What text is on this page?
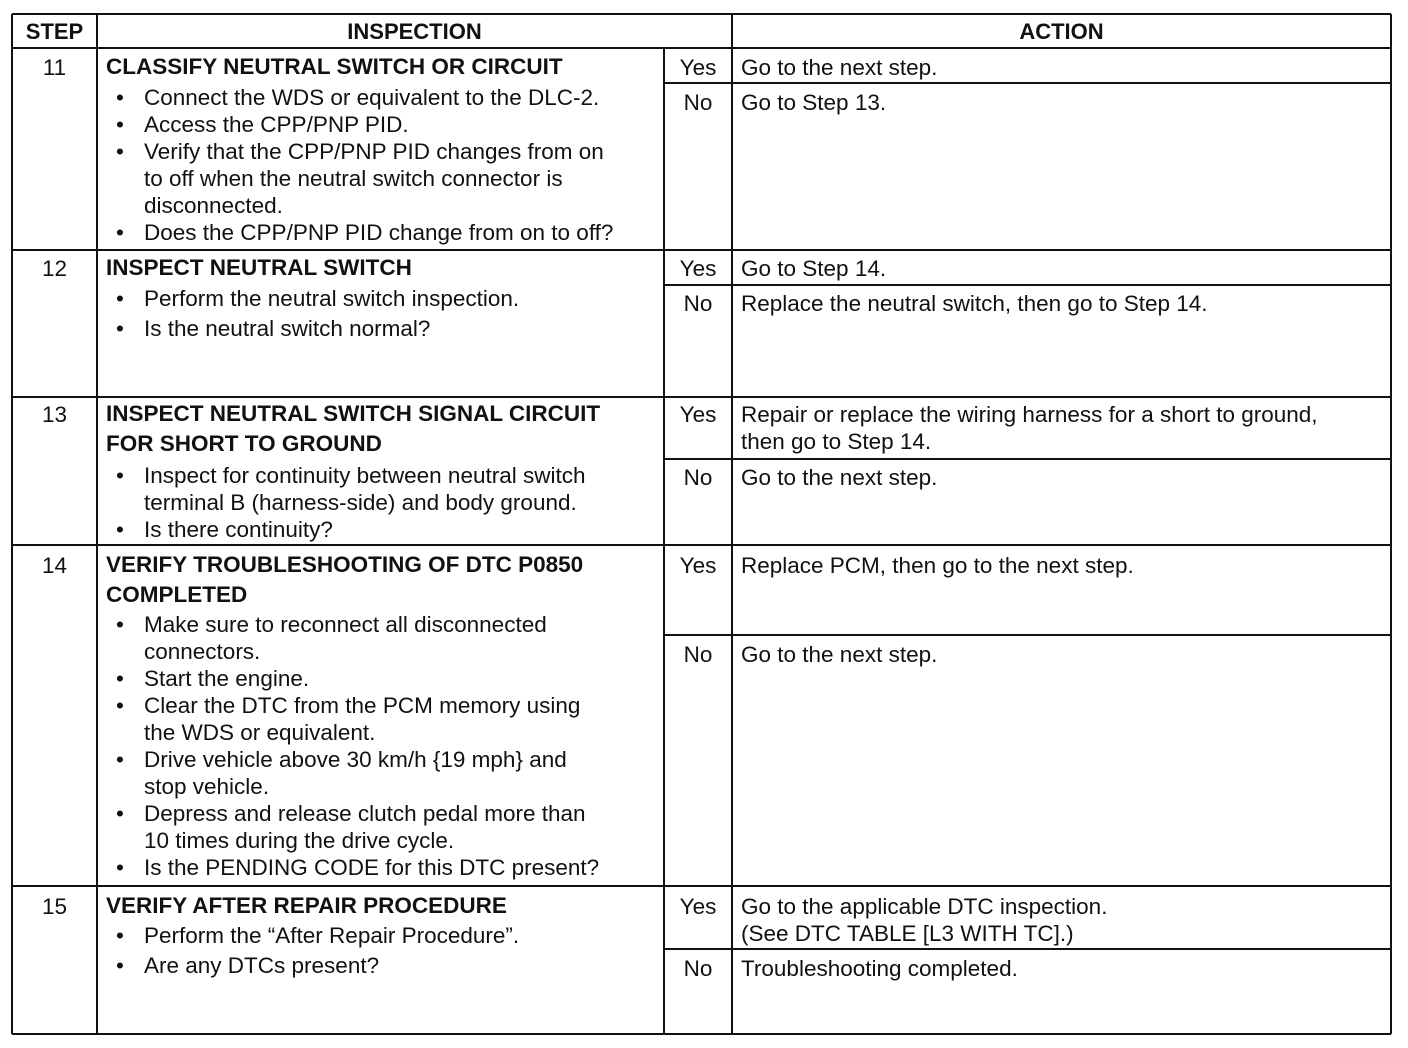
STEP	INSPECTION	ACTION
11	CLASSIFY NEUTRAL SWITCH OR CIRCUIT
• Connect the WDS or equivalent to the DLC-2.
• Access the CPP/PNP PID.
• Verify that the CPP/PNP PID changes from on
to off when the neutral switch connector is
disconnected.
• Does the CPP/PNP PID change from on to off?
Yes	Go to the next step.
No	Go to Step 13.
12	INSPECT NEUTRAL SWITCH
• Perform the neutral switch inspection.
• Is the neutral switch normal?
Yes	Go to Step 14.
No	Replace the neutral switch, then go to Step 14.
13	INSPECT NEUTRAL SWITCH SIGNAL CIRCUIT
FOR SHORT TO GROUND
• Inspect for continuity between neutral switch
terminal B (harness-side) and body ground.
• Is there continuity?
Yes	Repair or replace the wiring harness for a short to ground,
then go to Step 14.
No	Go to the next step.
14	VERIFY TROUBLESHOOTING OF DTC P0850
COMPLETED
• Make sure to reconnect all disconnected
connectors.
• Start the engine.
• Clear the DTC from the PCM memory using
the WDS or equivalent.
• Drive vehicle above 30 km/h {19 mph} and
stop vehicle.
• Depress and release clutch pedal more than
10 times during the drive cycle.
• Is the PENDING CODE for this DTC present?
Yes	Replace PCM, then go to the next step.
No	Go to the next step.
15	VERIFY AFTER REPAIR PROCEDURE
• Perform the “After Repair Procedure”.
• Are any DTCs present?
Yes	Go to the applicable DTC inspection.
(See DTC TABLE [L3 WITH TC].)
No	Troubleshooting completed.
